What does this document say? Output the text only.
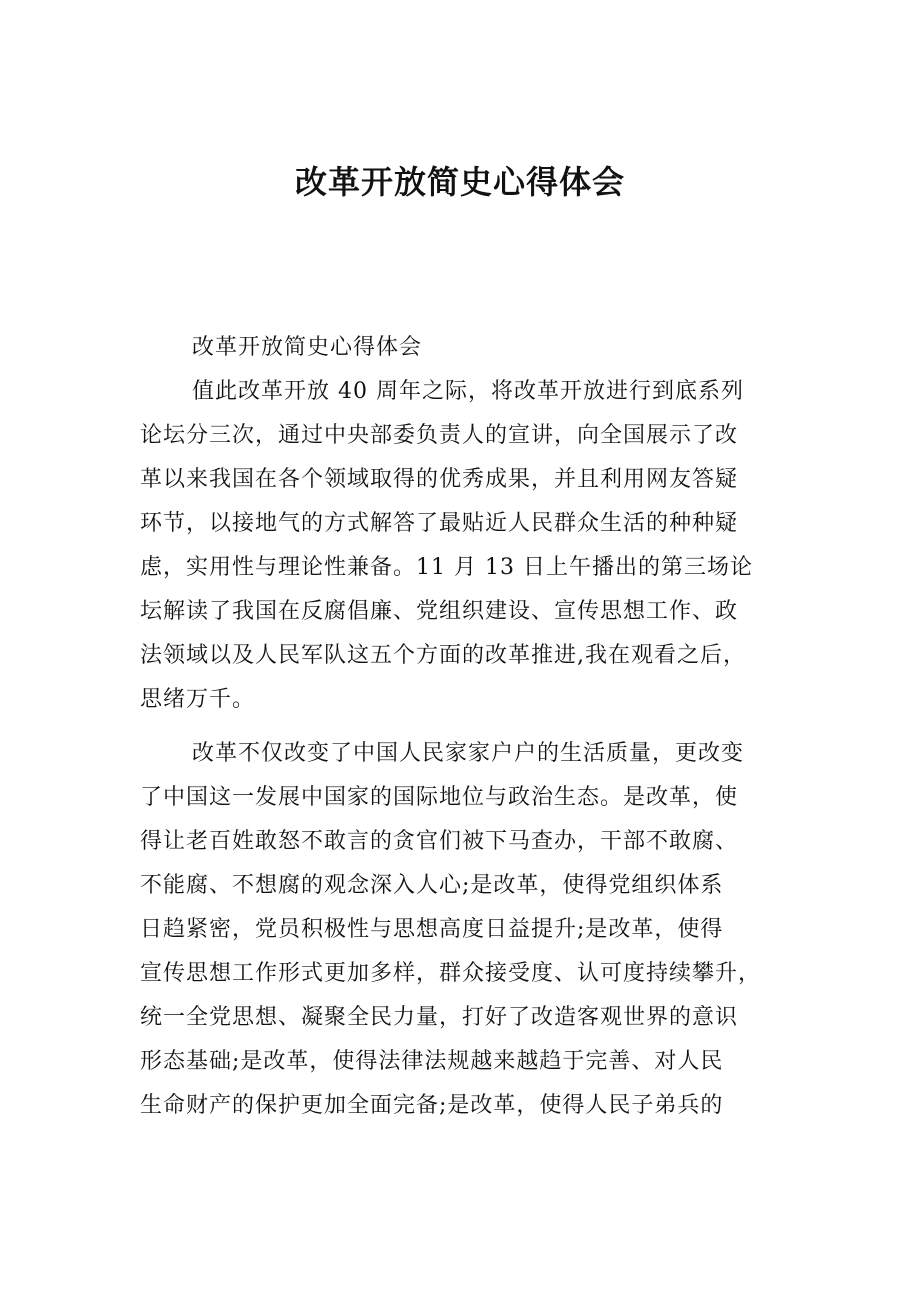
改革开放简史心得体会
改革开放简史心得体会
值此改革开放 40 周年之际，将改革开放进行到底系列
论坛分三次，通过中央部委负责人的宣讲，向全国展示了改
革以来我国在各个领域取得的优秀成果，并且利用网友答疑
环节，以接地气的方式解答了最贴近人民群众生活的种种疑
虑，实用性与理论性兼备。11 月 13 日上午播出的第三场论
坛解读了我国在反腐倡廉、党组织建设、宣传思想工作、政
法领域以及人民军队这五个方面的改革推进,我在观看之后，
思绪万千。
改革不仅改变了中国人民家家户户的生活质量，更改变
了中国这一发展中国家的国际地位与政治生态。是改革，使
得让老百姓敢怒不敢言的贪官们被下马查办，干部不敢腐、
不能腐、不想腐的观念深入人心;是改革，使得党组织体系
日趋紧密，党员积极性与思想高度日益提升;是改革，使得
宣传思想工作形式更加多样，群众接受度、认可度持续攀升，
统一全党思想、凝聚全民力量，打好了改造客观世界的意识
形态基础;是改革，使得法律法规越来越趋于完善、对人民
生命财产的保护更加全面完备;是改革，使得人民子弟兵的
